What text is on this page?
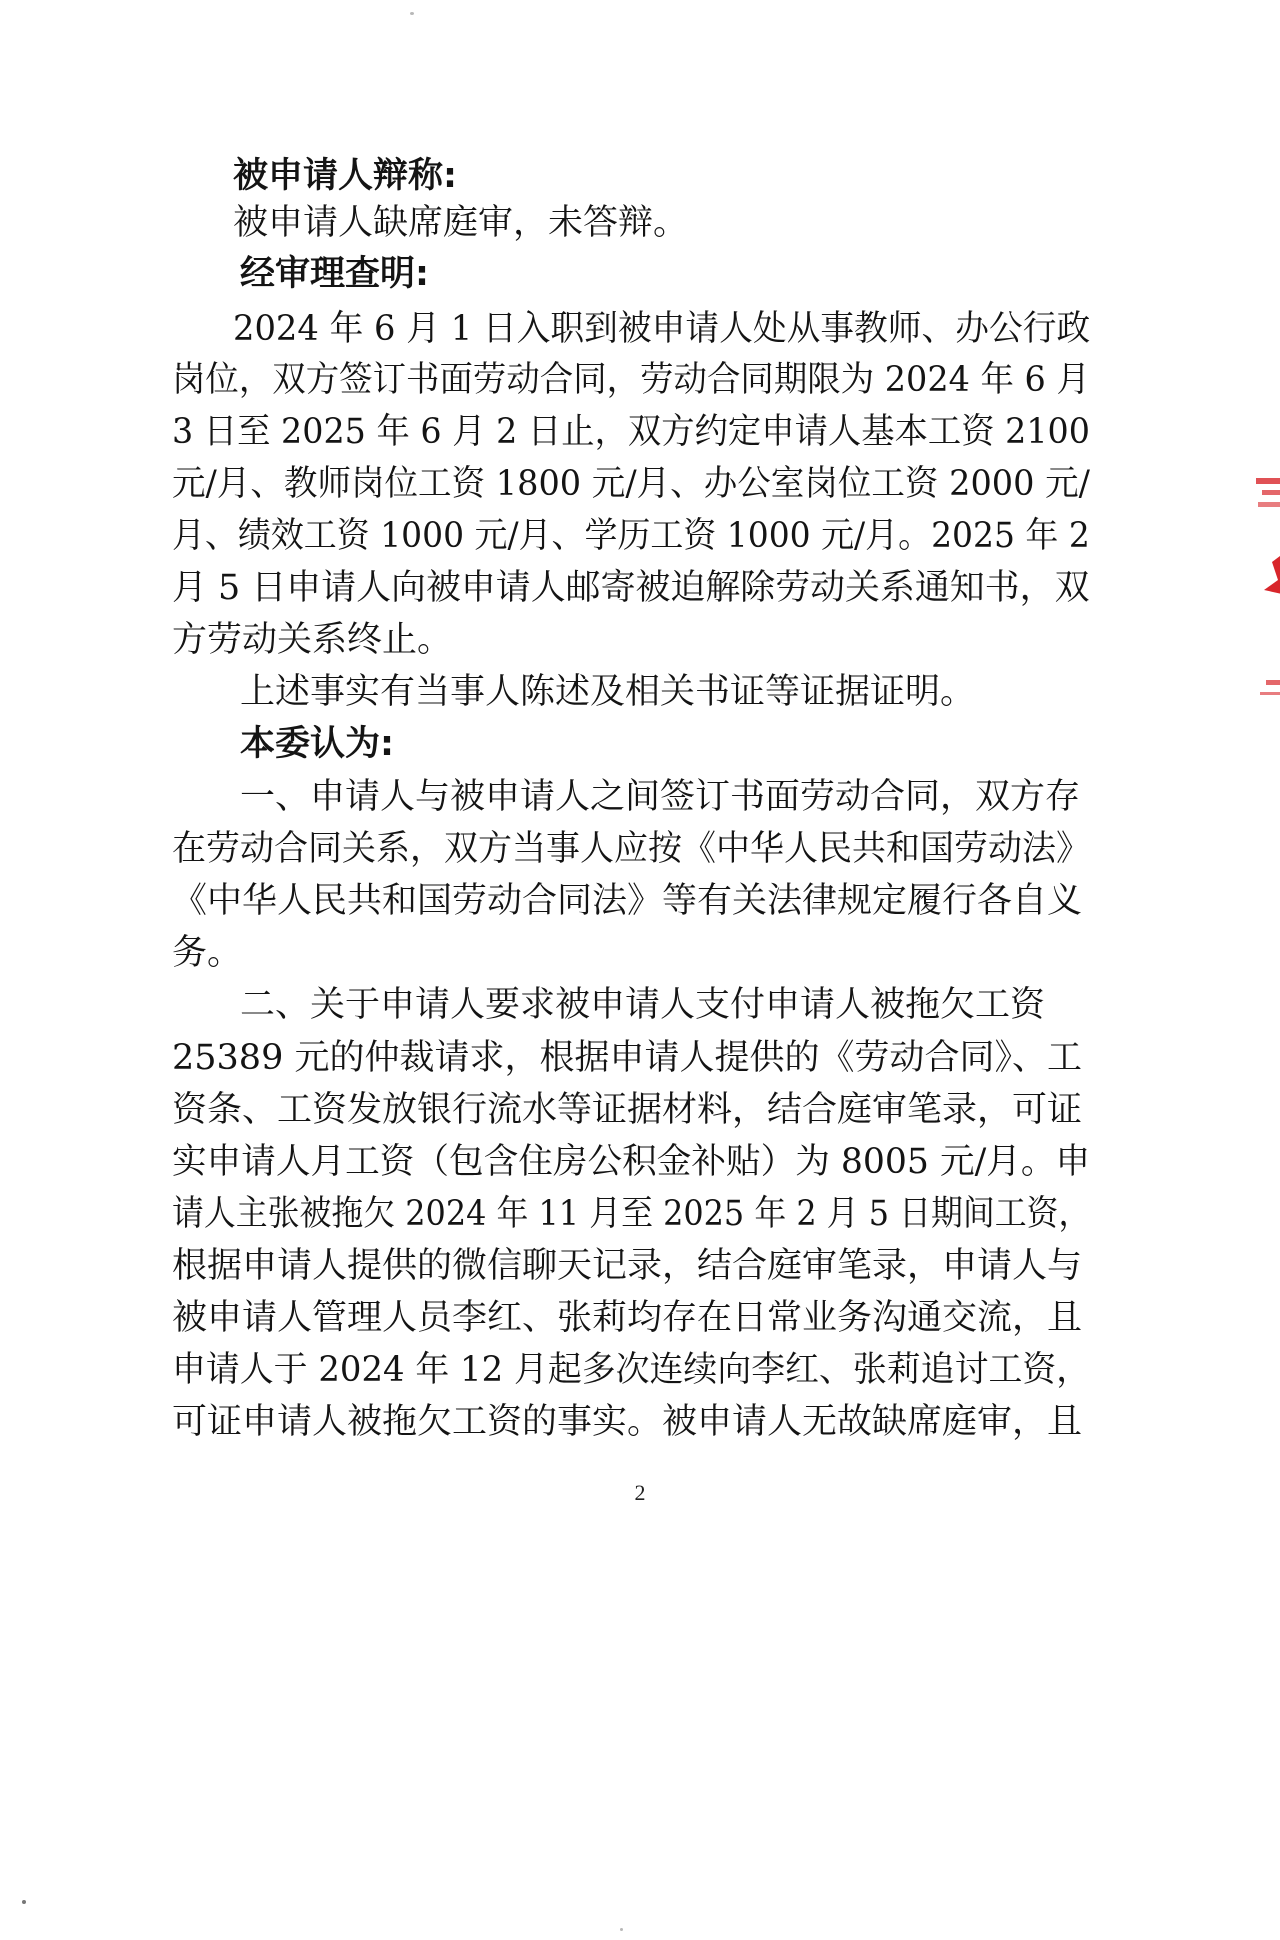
被申请人辩称:
被申请人缺席庭审，未答辩。
经审理查明:
2024 年 6 月 1 日入职到被申请人处从事教师、办公行政
岗位，双方签订书面劳动合同，劳动合同期限为 2024 年 6 月
3 日至 2025 年 6 月 2 日止，双方约定申请人基本工资 2100
元/月、教师岗位工资 1800 元/月、办公室岗位工资 2000 元/
月、绩效工资 1000 元/月、学历工资 1000 元/月。2025 年 2
月 5 日申请人向被申请人邮寄被迫解除劳动关系通知书，双
方劳动关系终止。
上述事实有当事人陈述及相关书证等证据证明。
本委认为:
一、申请人与被申请人之间签订书面劳动合同，双方存
在劳动合同关系，双方当事人应按《中华人民共和国劳动法》
《中华人民共和国劳动合同法》等有关法律规定履行各自义
务。
二、关于申请人要求被申请人支付申请人被拖欠工资
25389 元的仲裁请求，根据申请人提供的《劳动合同》、工
资条、工资发放银行流水等证据材料，结合庭审笔录，可证
实申请人月工资（包含住房公积金补贴）为 8005 元/月。申
请人主张被拖欠 2024 年 11 月至 2025 年 2 月 5 日期间工资，
根据申请人提供的微信聊天记录，结合庭审笔录，申请人与
被申请人管理人员李红、张莉均存在日常业务沟通交流，且
申请人于 2024 年 12 月起多次连续向李红、张莉追讨工资，
可证申请人被拖欠工资的事实。被申请人无故缺席庭审，且
2
